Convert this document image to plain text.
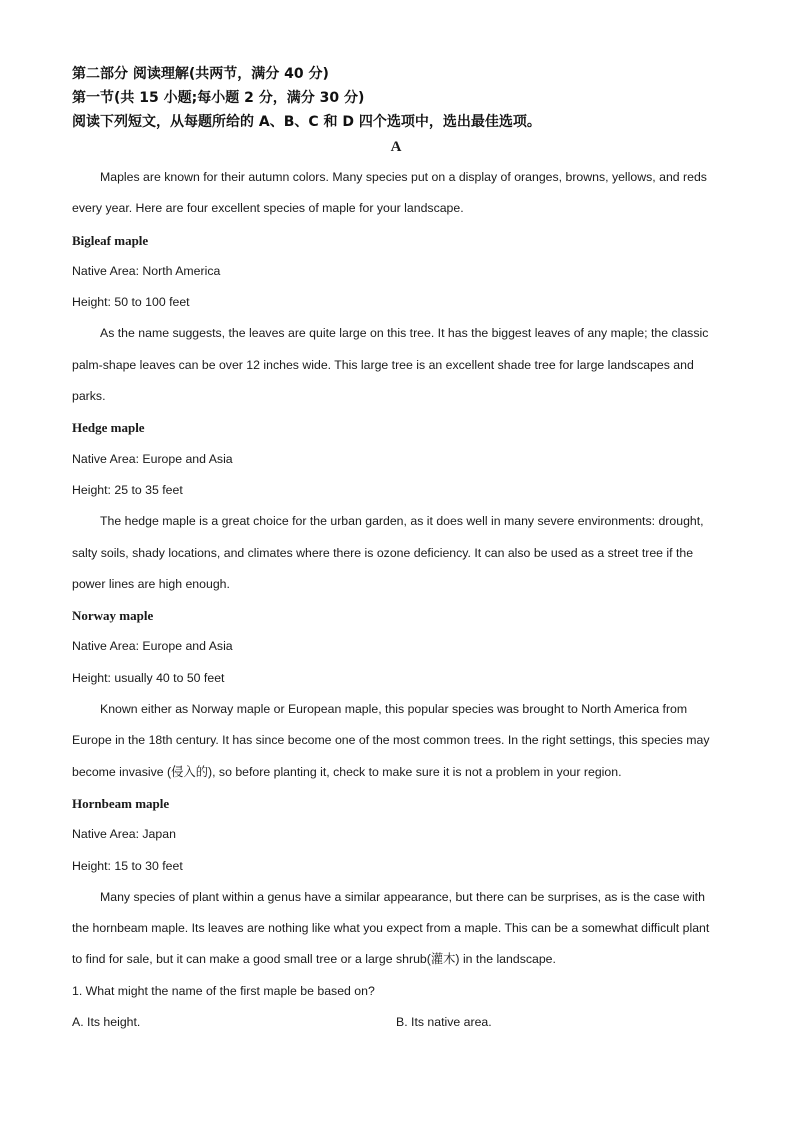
第二部分 阅读理解(共两节，满分 40 分)
第一节(共 15 小题;每小题 2 分，满分 30 分)
阅读下列短文，从每题所给的 A、B、C 和 D 四个选项中，选出最佳选项。
A

Maples are known for their autumn colors. Many species put on a display of oranges, browns, yellows, and reds every year. Here are four excellent species of maple for your landscape.

Bigleaf maple

Native Area: North America

Height: 50 to 100 feet

As the name suggests, the leaves are quite large on this tree. It has the biggest leaves of any maple; the classic palm-shape leaves can be over 12 inches wide. This large tree is an excellent shade tree for large landscapes and parks.

Hedge maple

Native Area: Europe and Asia

Height: 25 to 35 feet

The hedge maple is a great choice for the urban garden, as it does well in many severe environments: drought, salty soils, shady locations, and climates where there is ozone deficiency. It can also be used as a street tree if the power lines are high enough.

Norway maple

Native Area: Europe and Asia

Height: usually 40 to 50 feet

Known either as Norway maple or European maple, this popular species was brought to North America from Europe in the 18th century. It has since become one of the most common trees. In the right settings, this species may become invasive (侵入的), so before planting it, check to make sure it is not a problem in your region.

Hornbeam maple

Native Area: Japan

Height: 15 to 30 feet

Many species of plant within a genus have a similar appearance, but there can be surprises, as is the case with the hornbeam maple. Its leaves are nothing like what you expect from a maple. This can be a somewhat difficult plant to find for sale, but it can make a good small tree or a large shrub(灌木) in the landscape.

1. What might the name of the first maple be based on?

A. Its height.	B. Its native area.
